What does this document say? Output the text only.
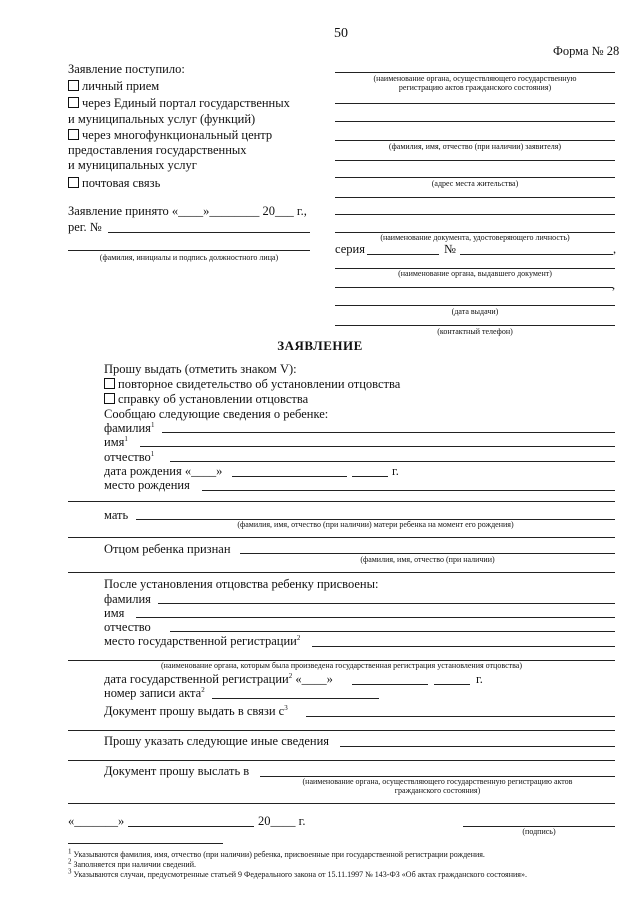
50
Форма № 28
Заявление поступило:
личный прием
через Единый портал государственных
и муниципальных услуг (функций)
через многофункциональный центр
предоставления государственных
и муниципальных услуг
почтовая связь
Заявление принято «____»________ 20___ г.,
рег. №
(фамилия, инициалы и подпись должностного лица)
(наименование органа, осуществляющего государственную
регистрацию актов гражданского состояния)
(фамилия, имя, отчество (при наличии) заявителя)
(адрес места жительства)
(наименование документа, удостоверяющего личность)
серия	№	,
(наименование органа, выдавшего документ)
,
(дата выдачи)
(контактный телефон)
ЗАЯВЛЕНИЕ
Прошу выдать (отметить знаком V):
повторное свидетельство об установлении отцовства
справку об установлении отцовства
Сообщаю следующие сведения о ребенке:
фамилия$^1$
имя$^1$
отчество$^1$
дата рождения «____»	г.
место рождения
мать
(фамилия, имя, отчество (при наличии) матери ребенка на момент его рождения)
Отцом ребенка признан
(фамилия, имя, отчество (при наличии)
После установления отцовства ребенку присвоены:
фамилия
имя
отчество
место государственной регистрации$^2$
(наименование органа, которым была произведена государственная регистрация установления отцовства)
дата государственной регистрации$^2$ «____»	г.
номер записи акта$^2$
Документ прошу выдать в связи $с^3$
Прошу указать следующие иные сведения
Документ прошу выслать в
(наименование органа, осуществляющего государственную регистрацию актов
гражданского состояния)
«_______»	20____ г.
(подпись)
$^1$ Указываются фамилия, имя, отчество (при наличии) ребенка, присвоенные при государственной регистрации рождения.
$^2$ Заполняется при наличии сведений.
$^3$ Указываются случаи, предусмотренные статьей 9 Федерального закона от 15.11.1997 № 143-ФЗ «Об актах гражданского состояния».
